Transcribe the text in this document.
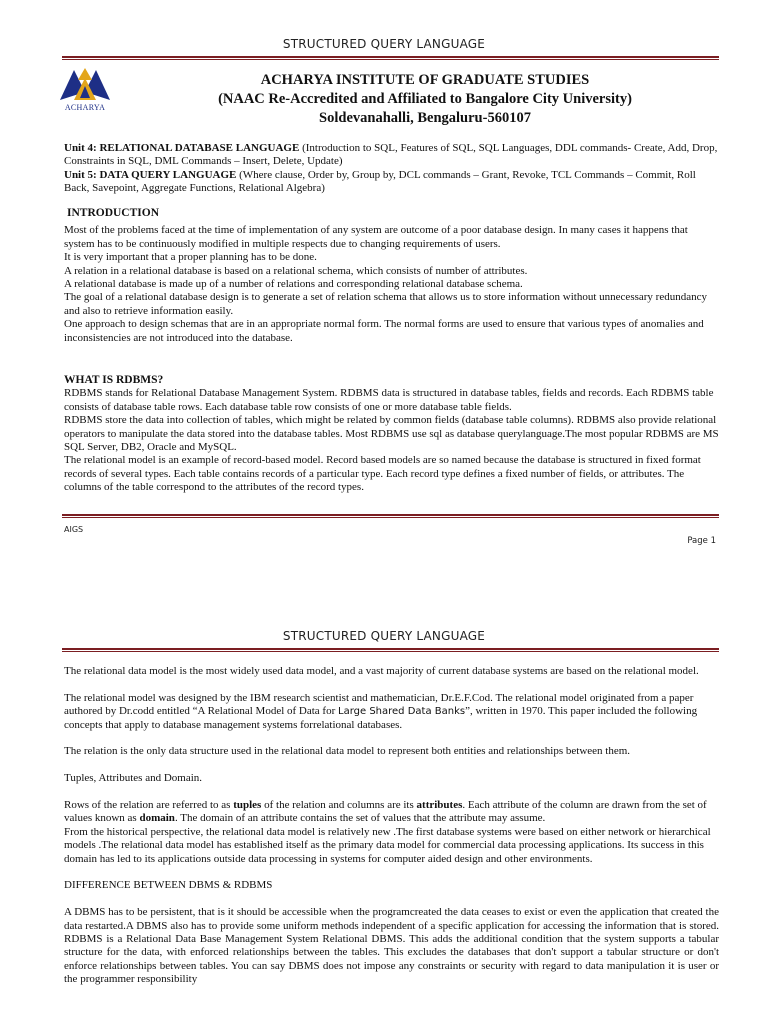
STRUCTURED QUERY LANGUAGE
ACHARYA
ACHARYA INSTITUTE OF GRADUATE STUDIES
(NAAC Re-Accredited and Affiliated to Bangalore City University)
Soldevanahalli, Bengaluru-560107

Unit 4: RELATIONAL DATABASE LANGUAGE (Introduction to SQL, Features of SQL, SQL Languages, DDL commands- Create, Add, Drop, Constraints in SQL, DML Commands – Insert, Delete, Update)

Unit 5: DATA QUERY LANGUAGE (Where clause, Order by, Group by, DCL commands – Grant, Revoke, TCL Commands – Commit, Roll Back, Savepoint, Aggregate Functions, Relational Algebra)

INTRODUCTION

Most of the problems faced at the time of implementation of any system are outcome of a poor database design. In many cases it happens that system has to be continuously modified in multiple respects due to changing requirements of users.

It is very important that a proper planning has to be done.

A relation in a relational database is based on a relational schema, which consists of number of attributes.

A relational database is made up of a number of relations and corresponding relational database schema.

The goal of a relational database design is to generate a set of relation schema that allows us to store information without unnecessary redundancy and also to retrieve information easily.

One approach to design schemas that are in an appropriate normal form. The normal forms are used to ensure that various types of anomalies and inconsistencies are not introduced into the database.

WHAT IS RDBMS?

RDBMS stands for Relational Database Management System. RDBMS data is structured in database tables, fields and records. Each RDBMS table consists of database table rows. Each database table row consists of one or more database table fields.

RDBMS store the data into collection of tables, which might be related by common fields (database table columns). RDBMS also provide relational operators to manipulate the data stored into the database tables. Most RDBMS use sql as database querylanguage.The most popular RDBMS are MS SQL Server, DB2, Oracle and MySQL.

The relational model is an example of record-based model. Record based models are so named because the database is structured in fixed format records of several types. Each table contains records of a particular type. Each record type defines a fixed number of fields, or attributes. The columns of the table correspond to the attributes of the record types.

AIGS
Page 1
STRUCTURED QUERY LANGUAGE

The relational data model is the most widely used data model, and a vast majority of current database systems are based on the relational model.

The relational model was designed by the IBM research scientist and mathematician, Dr.E.F.Cod. The relational model originated from a paper authored by Dr.codd entitled “A Relational Model of Data for Large Shared Data Banks”, written in 1970. This paper included the following concepts that apply to database management systems forrelational databases.

The relation is the only data structure used in the relational data model to represent both entities and relationships between them.

Tuples, Attributes and Domain.

Rows of the relation are referred to as tuples of the relation and columns are its attributes. Each attribute of the column are drawn from the set of values known as domain. The domain of an attribute contains the set of values that the attribute may assume.

From the historical perspective, the relational data model is relatively new .The first database systems were based on either network or hierarchical models .The relational data model has established itself as the primary data model for commercial data processing applications. Its success in this domain has led to its applications outside data processing in systems for computer aided design and other environments.

DIFFERENCE BETWEEN DBMS & RDBMS

A DBMS has to be persistent, that is it should be accessible when the programcreated the data ceases to exist or even the application that created the data restarted.A DBMS also has to provide some uniform methods independent of a specific application for accessing the information that is stored. RDBMS is a Relational Data Base Management System Relational DBMS. This adds the additional condition that the system supports a tabular structure for the data, with enforced relationships between the tables. This excludes the databases that don't support a tabular structure or don't enforce relationships between tables. You can say DBMS does not impose any constraints or security with regard to data manipulation it is user or the programmer responsibility
